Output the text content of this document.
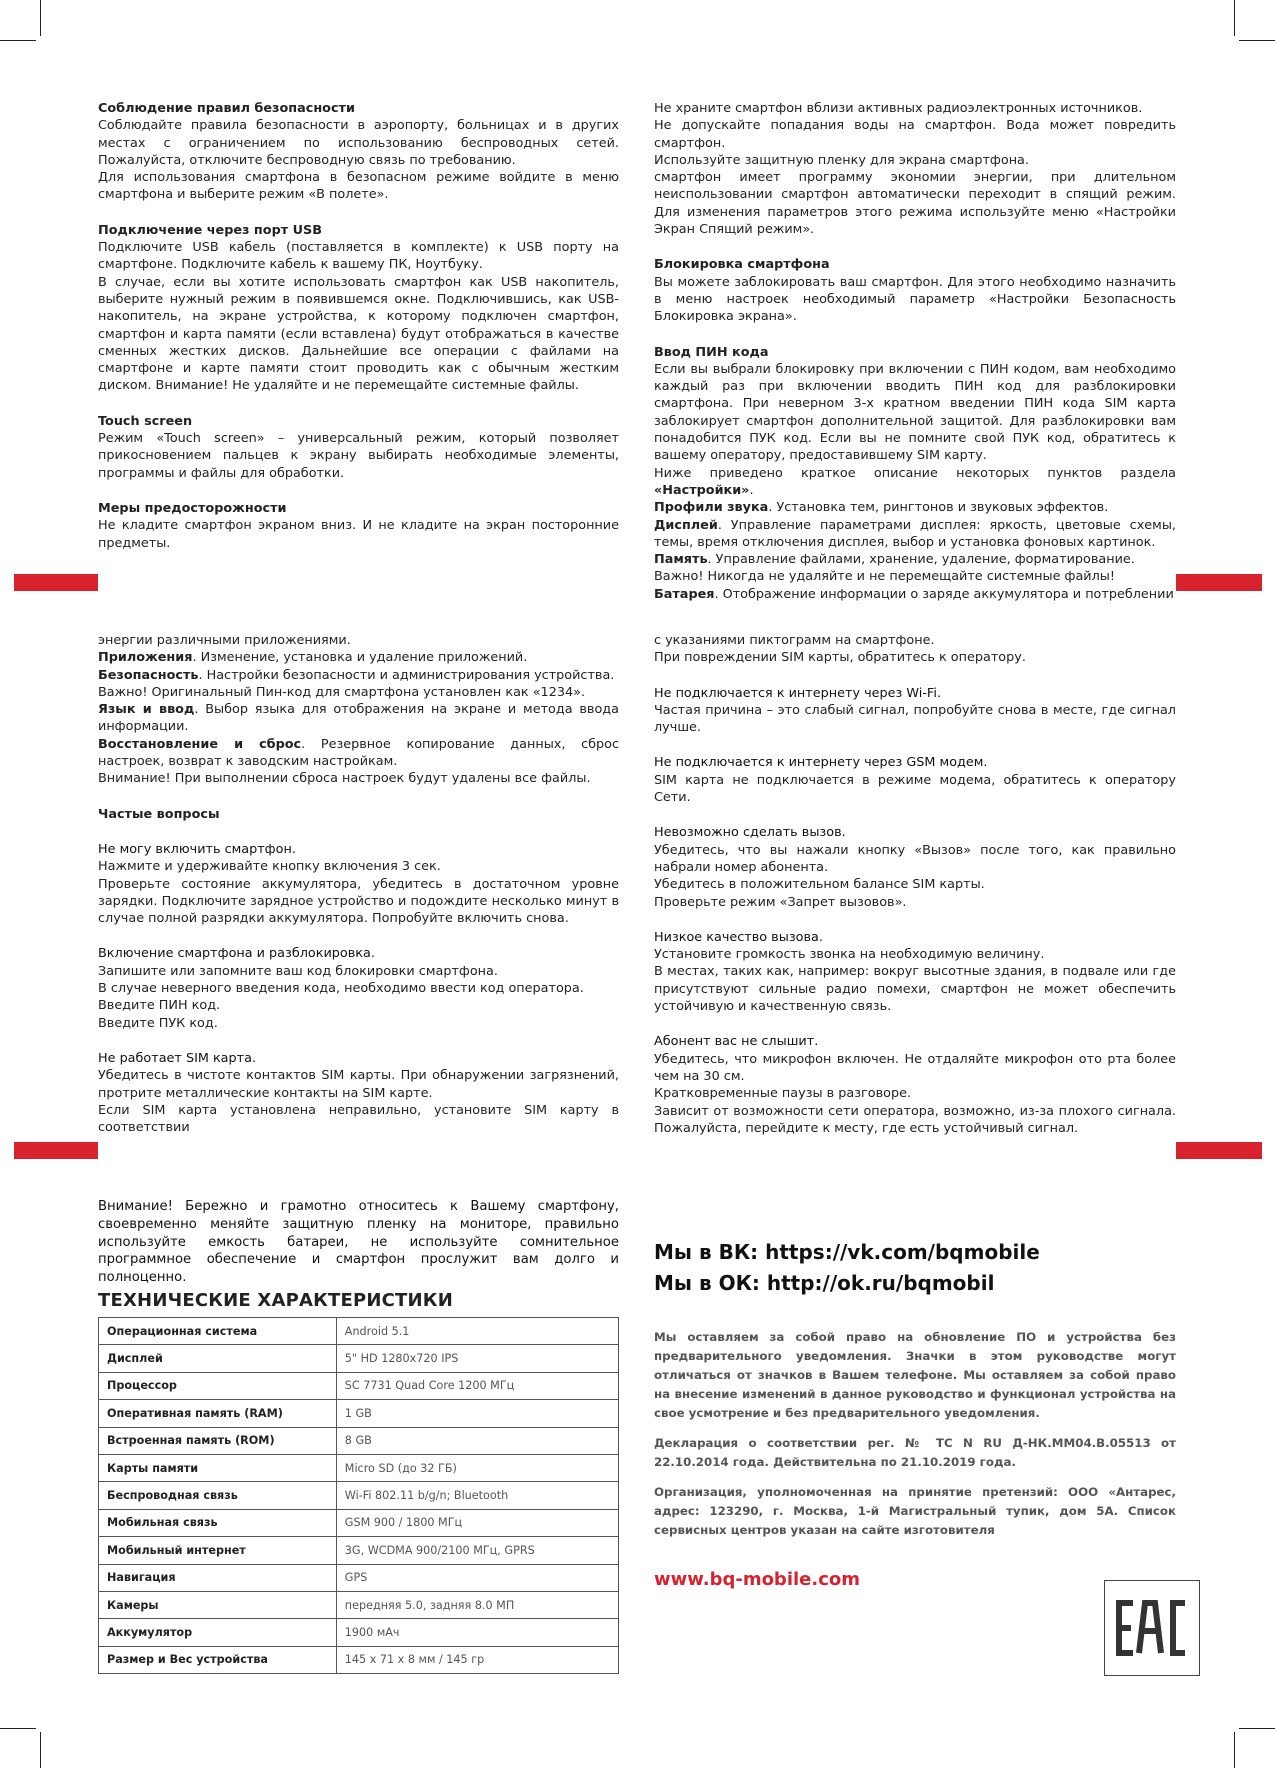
Соблюдение правил безопасности

Соблюдайте правила безопасности в аэропорту, больницах и в других местах с ограничением по использованию беспроводных сетей. Пожалуйста, отключите беспроводную связь по требованию.

Для использования смартфона в безопасном режиме войдите в меню смартфона и выберите режим «В полете».

Подключение через порт USB

Подключите USB кабель (поставляется в комплекте) к USB порту на смартфоне. Подключите кабель к вашему ПК, Ноутбуку.

В случае, если вы хотите использовать смартфон как USB накопитель, выберите нужный режим в появившемся окне. Подключившись, как USB-накопитель, на экране устройства, к которому подключен смартфон, смартфон и карта памяти (если вставлена) будут отображаться в качестве сменных жестких дисков. Дальнейшие все операции с файлами на смартфоне и карте памяти стоит проводить как с обычным жестким диском. Внимание! Не удаляйте и не перемещайте системные файлы.

Touch screen

Режим «Touch screen» – универсальный режим, который позволяет прикосновением пальцев к экрану выбирать необходимые элементы, программы и файлы для обработки.

Меры предосторожности

Не кладите смартфон экраном вниз. И не кладите на экран посторонние предметы.

Не храните смартфон вблизи активных радиоэлектронных источников.

Не допускайте попадания воды на смартфон. Вода может повредить смартфон.

Используйте защитную пленку для экрана смартфона.

смартфон имеет программу экономии энергии, при длительном неиспользовании смартфон автоматически переходит в спящий режим. Для изменения параметров этого режима используйте меню «Настройки Экран Спящий режим».

Блокировка смартфона

Вы можете заблокировать ваш смартфон. Для этого необходимо назначить в меню настроек необходимый параметр «Настройки Безопасность Блокировка экрана».

Ввод ПИН кода

Если вы выбрали блокировку при включении с ПИН кодом, вам необходимо каждый раз при включении вводить ПИН код для разблокировки смартфона. При неверном 3-х кратном введении ПИН кода SIM карта заблокирует смартфон дополнительной защитой. Для разблокировки вам понадобится ПУК код. Если вы не помните свой ПУК код, обратитесь к вашему оператору, предоставившему SIM карту.

Ниже приведено краткое описание некоторых пунктов раздела «Настройки».

Профили звука. Установка тем, рингтонов и звуковых эффектов.

Дисплей. Управление параметрами дисплея: яркость, цветовые схемы, темы, время отключения дисплея, выбор и установка фоновых картинок.

Память. Управление файлами, хранение, удаление, форматирование.

Важно! Никогда не удаляйте и не перемещайте системные файлы!

Батарея. Отображение информации о заряде аккумулятора и потреблении

энергии различными приложениями.

Приложения. Изменение, установка и удаление приложений.

Безопасность. Настройки безопасности и администрирования устройства.

Важно! Оригинальный Пин-код для смартфона установлен как «1234».

Язык и ввод. Выбор языка для отображения на экране и метода ввода информации.

Восстановление и сброс. Резервное копирование данных, сброс настроек, возврат к заводским настройкам.

Внимание! При выполнении сброса настроек будут удалены все файлы.

Частые вопросы

Не могу включить смартфон.

Нажмите и удерживайте кнопку включения 3 сек.

Проверьте состояние аккумулятора, убедитесь в достаточном уровне зарядки. Подключите зарядное устройство и подождите несколько минут в случае полной разрядки аккумулятора. Попробуйте включить снова.

Включение смартфона и разблокировка.

Запишите или запомните ваш код блокировки смартфона.

В случае неверного введения кода, необходимо ввести код оператора.

Введите ПИН код.

Введите ПУК код.

Не работает SIM карта.

Убедитесь в чистоте контактов SIM карты. При обнаружении загрязнений, протрите металлические контакты на SIM карте.

Если SIM карта установлена неправильно, установите SIM карту в соответствии

с указаниями пиктограмм на смартфоне.

При повреждении SIM карты, обратитесь к оператору.

Не подключается к интернету через Wi-Fi.

Частая причина – это слабый сигнал, попробуйте снова в месте, где сигнал лучше.

Не подключается к интернету через GSM модем.

SIM карта не подключается в режиме модема, обратитесь к оператору Сети.

Невозможно сделать вызов.

Убедитесь, что вы нажали кнопку «Вызов» после того, как правильно набрали номер абонента.

Убедитесь в положительном балансе SIM карты.

Проверьте режим «Запрет вызовов».

Низкое качество вызова.

Установите громкость звонка на необходимую величину.

В местах, таких как, например: вокруг высотные здания, в подвале или где присутствуют сильные радио помехи, смартфон не может обеспечить устойчивую и качественную связь.

Абонент вас не слышит.

Убедитесь, что микрофон включен. Не отдаляйте микрофон ото рта более чем на 30 см.

Кратковременные паузы в разговоре.

Зависит от возможности сети оператора, возможно, из-за плохого сигнала. Пожалуйста, перейдите к месту, где есть устойчивый сигнал.

Внимание! Бережно и грамотно относитесь к Вашему смартфону, своевременно меняйте защитную пленку на мониторе, правильно используйте емкость батареи, не используйте сомнительное программное обеспечение и смартфон прослужит вам долго и полноценно.
ТЕХНИЧЕСКИЕ ХАРАКТЕРИСТИКИ
Операционная система	Android 5.1
Дисплей	5" HD 1280x720 IPS
Процессор	SC 7731 Quad Core 1200 МГц
Оперативная память (RAM)	1 GB
Встроенная память (ROM)	8 GB
Карты памяти	Micro SD (до 32 ГБ)
Беспроводная связь	Wi-Fi 802.11 b/g/n; Bluetooth
Мобильная связь	GSM 900 / 1800 МГц
Мобильный интернет	3G, WCDMA 900/2100 МГц, GPRS
Навигация	GPS
Камеры	передняя 5.0, задняя 8.0 МП
Аккумулятор	1900 мАч
Размер и Вес устройства	145 x 71 x 8 мм / 145 гр
Мы в ВК: https://vk.com/bqmobile
Мы в ОК: http://ok.ru/bqmobil

Мы оставляем за собой право на обновление ПО и устройства без предварительного уведомления. Значки в этом руководстве могут отличаться от значков в Вашем телефоне. Мы оставляем за собой право на внесение изменений в данное руководство и функционал устройства на свое усмотрение и без предварительного уведомления.

Декларация о соответствии рег. № ТС N RU Д-НК.ММ04.В.05513 от 22.10.2014 года. Действительна по 21.10.2019 года.

Организация, уполномоченная на принятие претензий: ООО «Антарес, адрес: 123290, г. Москва, 1-й Магистральный тупик, дом 5А. Список сервисных центров указан на сайте изготовителя

www.bq-mobile.com
